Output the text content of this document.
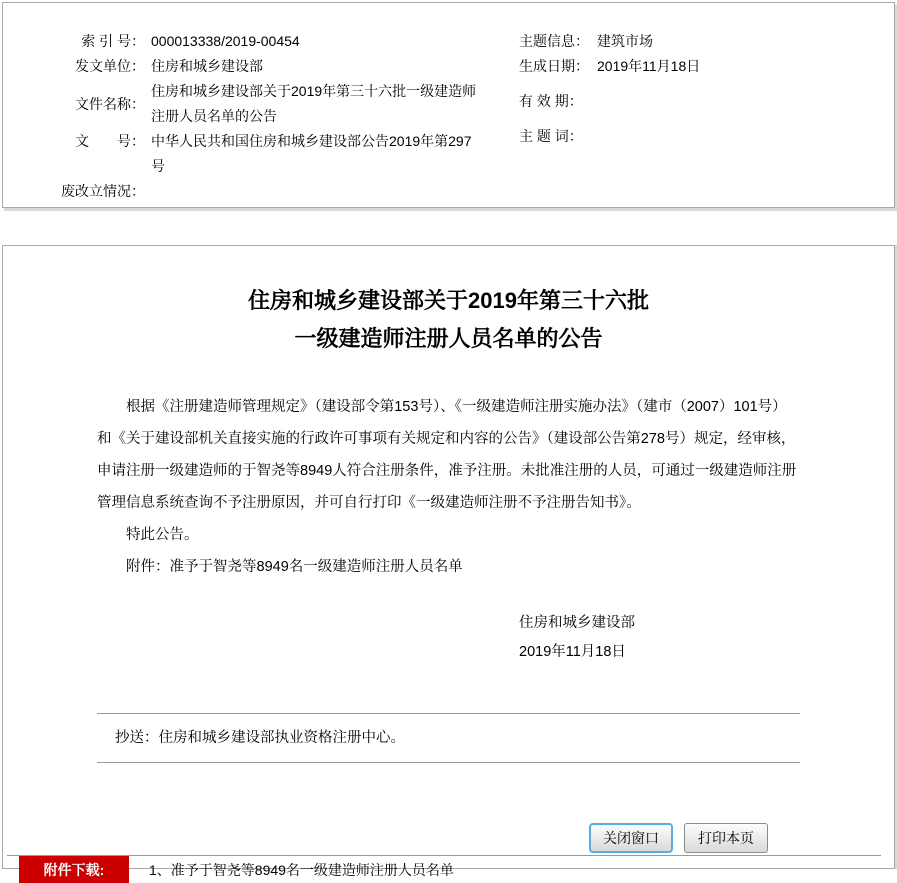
索 引 号： 000013338/2019-00454
发文单位： 住房和城乡建设部
文件名称：
住房和城乡建设部关于2019年第三十六批一级建造师注册人员名单的公告
文　　号： 中华人民共和国住房和城乡建设部公告2019年第297号
废改立情况：
主题信息： 建筑市场
生成日期： 2019年11月18日
有 效 期：
主 题 词：
住房和城乡建设部关于2019年第三十六批
一级建造师注册人员名单的公告

根据《注册建造师管理规定》（建设部令第153号）、《一级建造师注册实施办法》（建市（2007）101号）和《关于建设部机关直接实施的行政许可事项有关规定和内容的公告》（建设部公告第278号）规定，经审核，申请注册一级建造师的于智尧等8949人符合注册条件，准予注册。未批准注册的人员，可通过一级建造师注册管理信息系统查询不予注册原因，并可自行打印《一级建造师注册不予注册告知书》。

特此公告。

附件：准予于智尧等8949名一级建造师注册人员名单

住房和城乡建设部
2019年11月18日
抄送：住房和城乡建设部执业资格注册中心。
关闭窗口	打印本页
附件下载:	1、准予于智尧等8949名一级建造师注册人员名单
